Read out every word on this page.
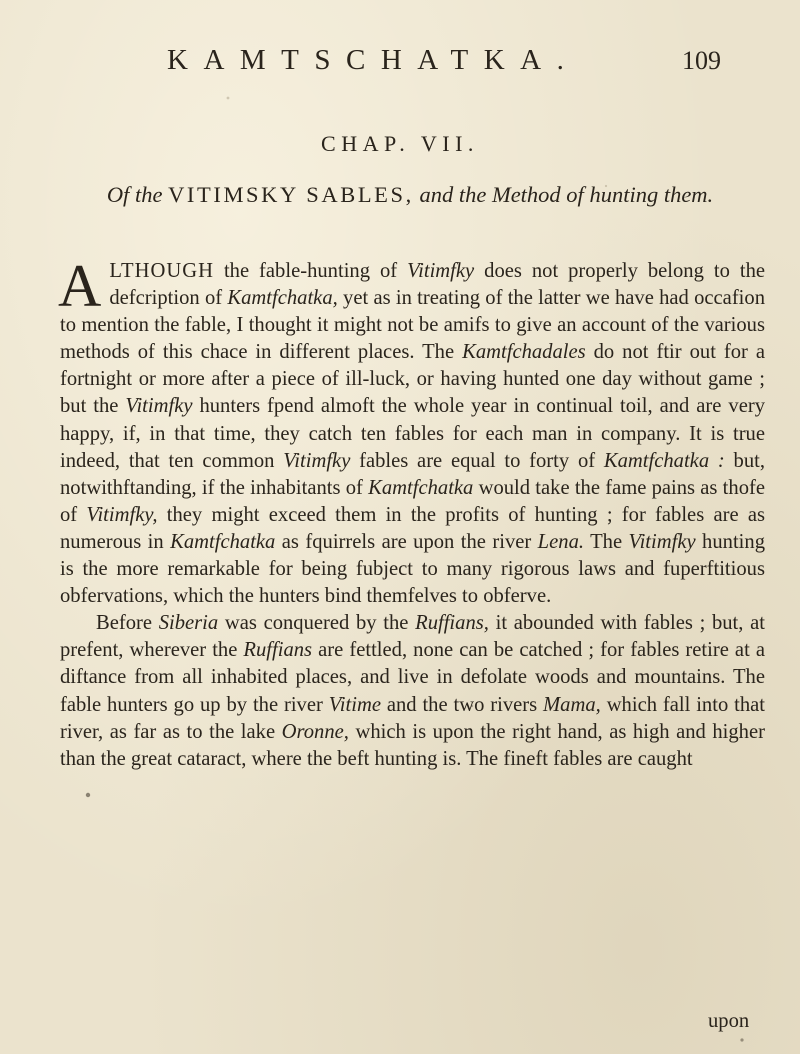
KAMTSCHATKA.	109
CHAP. VII.
Of the VITIMSKY SABLES, and the Method of hunting them.

ALTHOUGH the fable-hunting of Vitimfky does not properly belong to the defcription of Kamtfchatka, yet as in treating of the latter we have had occafion to mention the fable, I thought it might not be amifs to give an account of the various methods of this chace in different places. The Kamtfchadales do not ftir out for a fortnight or more after a piece of ill-luck, or having hunted one day without game ; but the Vitimfky hunters fpend almoft the whole year in continual toil, and are very happy, if, in that time, they catch ten fables for each man in company. It is true indeed, that ten common Vitimfky fables are equal to forty of Kamtfchatka : but, notwithftanding, if the inhabitants of Kamtfchatka would take the fame pains as thofe of Vitimfky, they might exceed them in the profits of hunting ; for fables are as numerous in Kamtfchatka as fquirrels are upon the river Lena. The Vitimfky hunting is the more remarkable for being fubject to many rigorous laws and fuperftitious obfervations, which the hunters bind themfelves to obferve.

Before Siberia was conquered by the Ruffians, it abounded with fables ; but, at prefent, wherever the Ruffians are fettled, none can be catched ; for fables retire at a diftance from all inhabited places, and live in defolate woods and mountains. The fable hunters go up by the river Vitime and the two rivers Mama, which fall into that river, as far as to the lake Oronne, which is upon the right hand, as high and higher than the great cataract, where the beft hunting is. The fineft fables are caught

upon
